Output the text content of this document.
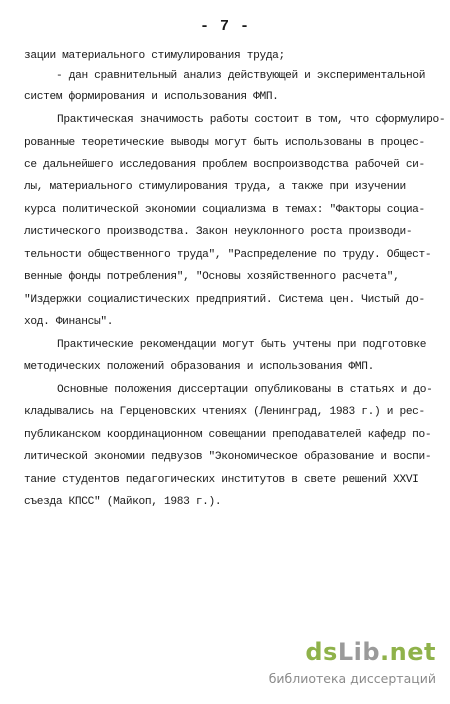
- 7 -
зации материального стимулирования труда;
- дан сравнительный анализ действующей и экспериментальной
систем формирования и использования ФМП.
Практическая значимость работы состоит в том, что сформулиро-
рованные теоретические выводы могут быть использованы в процес-
се дальнейшего исследования проблем воспроизводства рабочей си-
лы, материального стимулирования труда, а также при изучении
курса политической экономии социализма в темах: "Факторы социа-
листического производства. Закон неуклонного роста производи-
тельности общественного труда", "Распределение по труду. Общест-
венные фонды потребления", "Основы хозяйственного расчета",
"Издержки социалистических предприятий. Система цен. Чистый до-
ход. Финансы".
Практические рекомендации могут быть учтены при подготовке
методических положений образования и использования ФМП.
Основные положения диссертации опубликованы в статьях и до-
кладывались на Герценовских чтениях (Ленинград, 1983 г.) и рес-
публиканском координационном совещании преподавателей кафедр по-
литической экономии педвузов "Экономическое образование и воспи-
тание студентов педагогических институтов в свете решений XXVI
съезда КПСС" (Майкоп, 1983 г.).
dsLib.net
библиотека диссертаций
